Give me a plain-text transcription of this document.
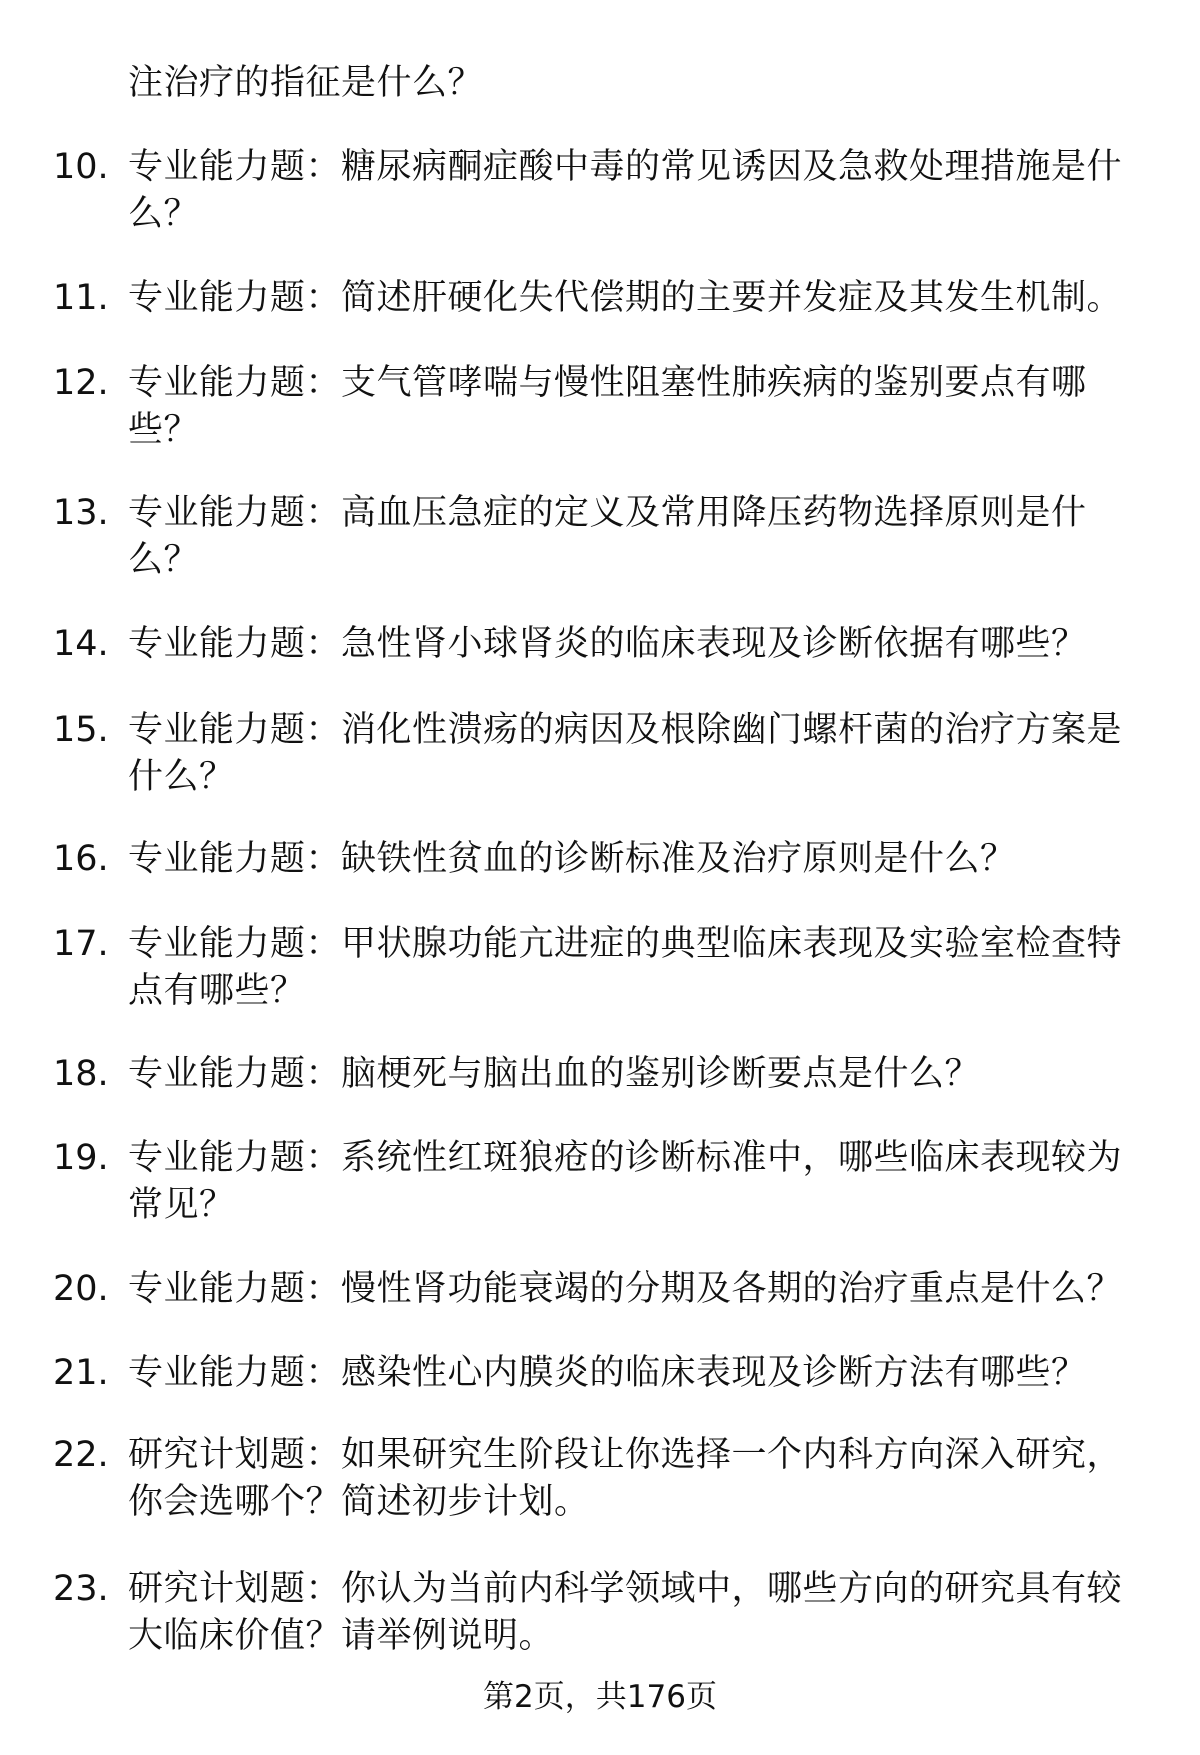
注治疗的指征是什么？
10. 专业能力题：糖尿病酮症酸中毒的常见诱因及急救处理措施是什
么？
11. 专业能力题：简述肝硬化失代偿期的主要并发症及其发生机制。
12. 专业能力题：支气管哮喘与慢性阻塞性肺疾病的鉴别要点有哪
些？
13. 专业能力题：高血压急症的定义及常用降压药物选择原则是什
么？
14. 专业能力题：急性肾小球肾炎的临床表现及诊断依据有哪些？
15. 专业能力题：消化性溃疡的病因及根除幽门螺杆菌的治疗方案是
什么？
16. 专业能力题：缺铁性贫血的诊断标准及治疗原则是什么？
17. 专业能力题：甲状腺功能亢进症的典型临床表现及实验室检查特
点有哪些？
18. 专业能力题：脑梗死与脑出血的鉴别诊断要点是什么？
19. 专业能力题：系统性红斑狼疮的诊断标准中，哪些临床表现较为
常见？
20. 专业能力题：慢性肾功能衰竭的分期及各期的治疗重点是什么？
21. 专业能力题：感染性心内膜炎的临床表现及诊断方法有哪些？
22. 研究计划题：如果研究生阶段让你选择一个内科方向深入研究，
你会选哪个？简述初步计划。
23. 研究计划题：你认为当前内科学领域中，哪些方向的研究具有较
大临床价值？请举例说明。
第2页，共176页
